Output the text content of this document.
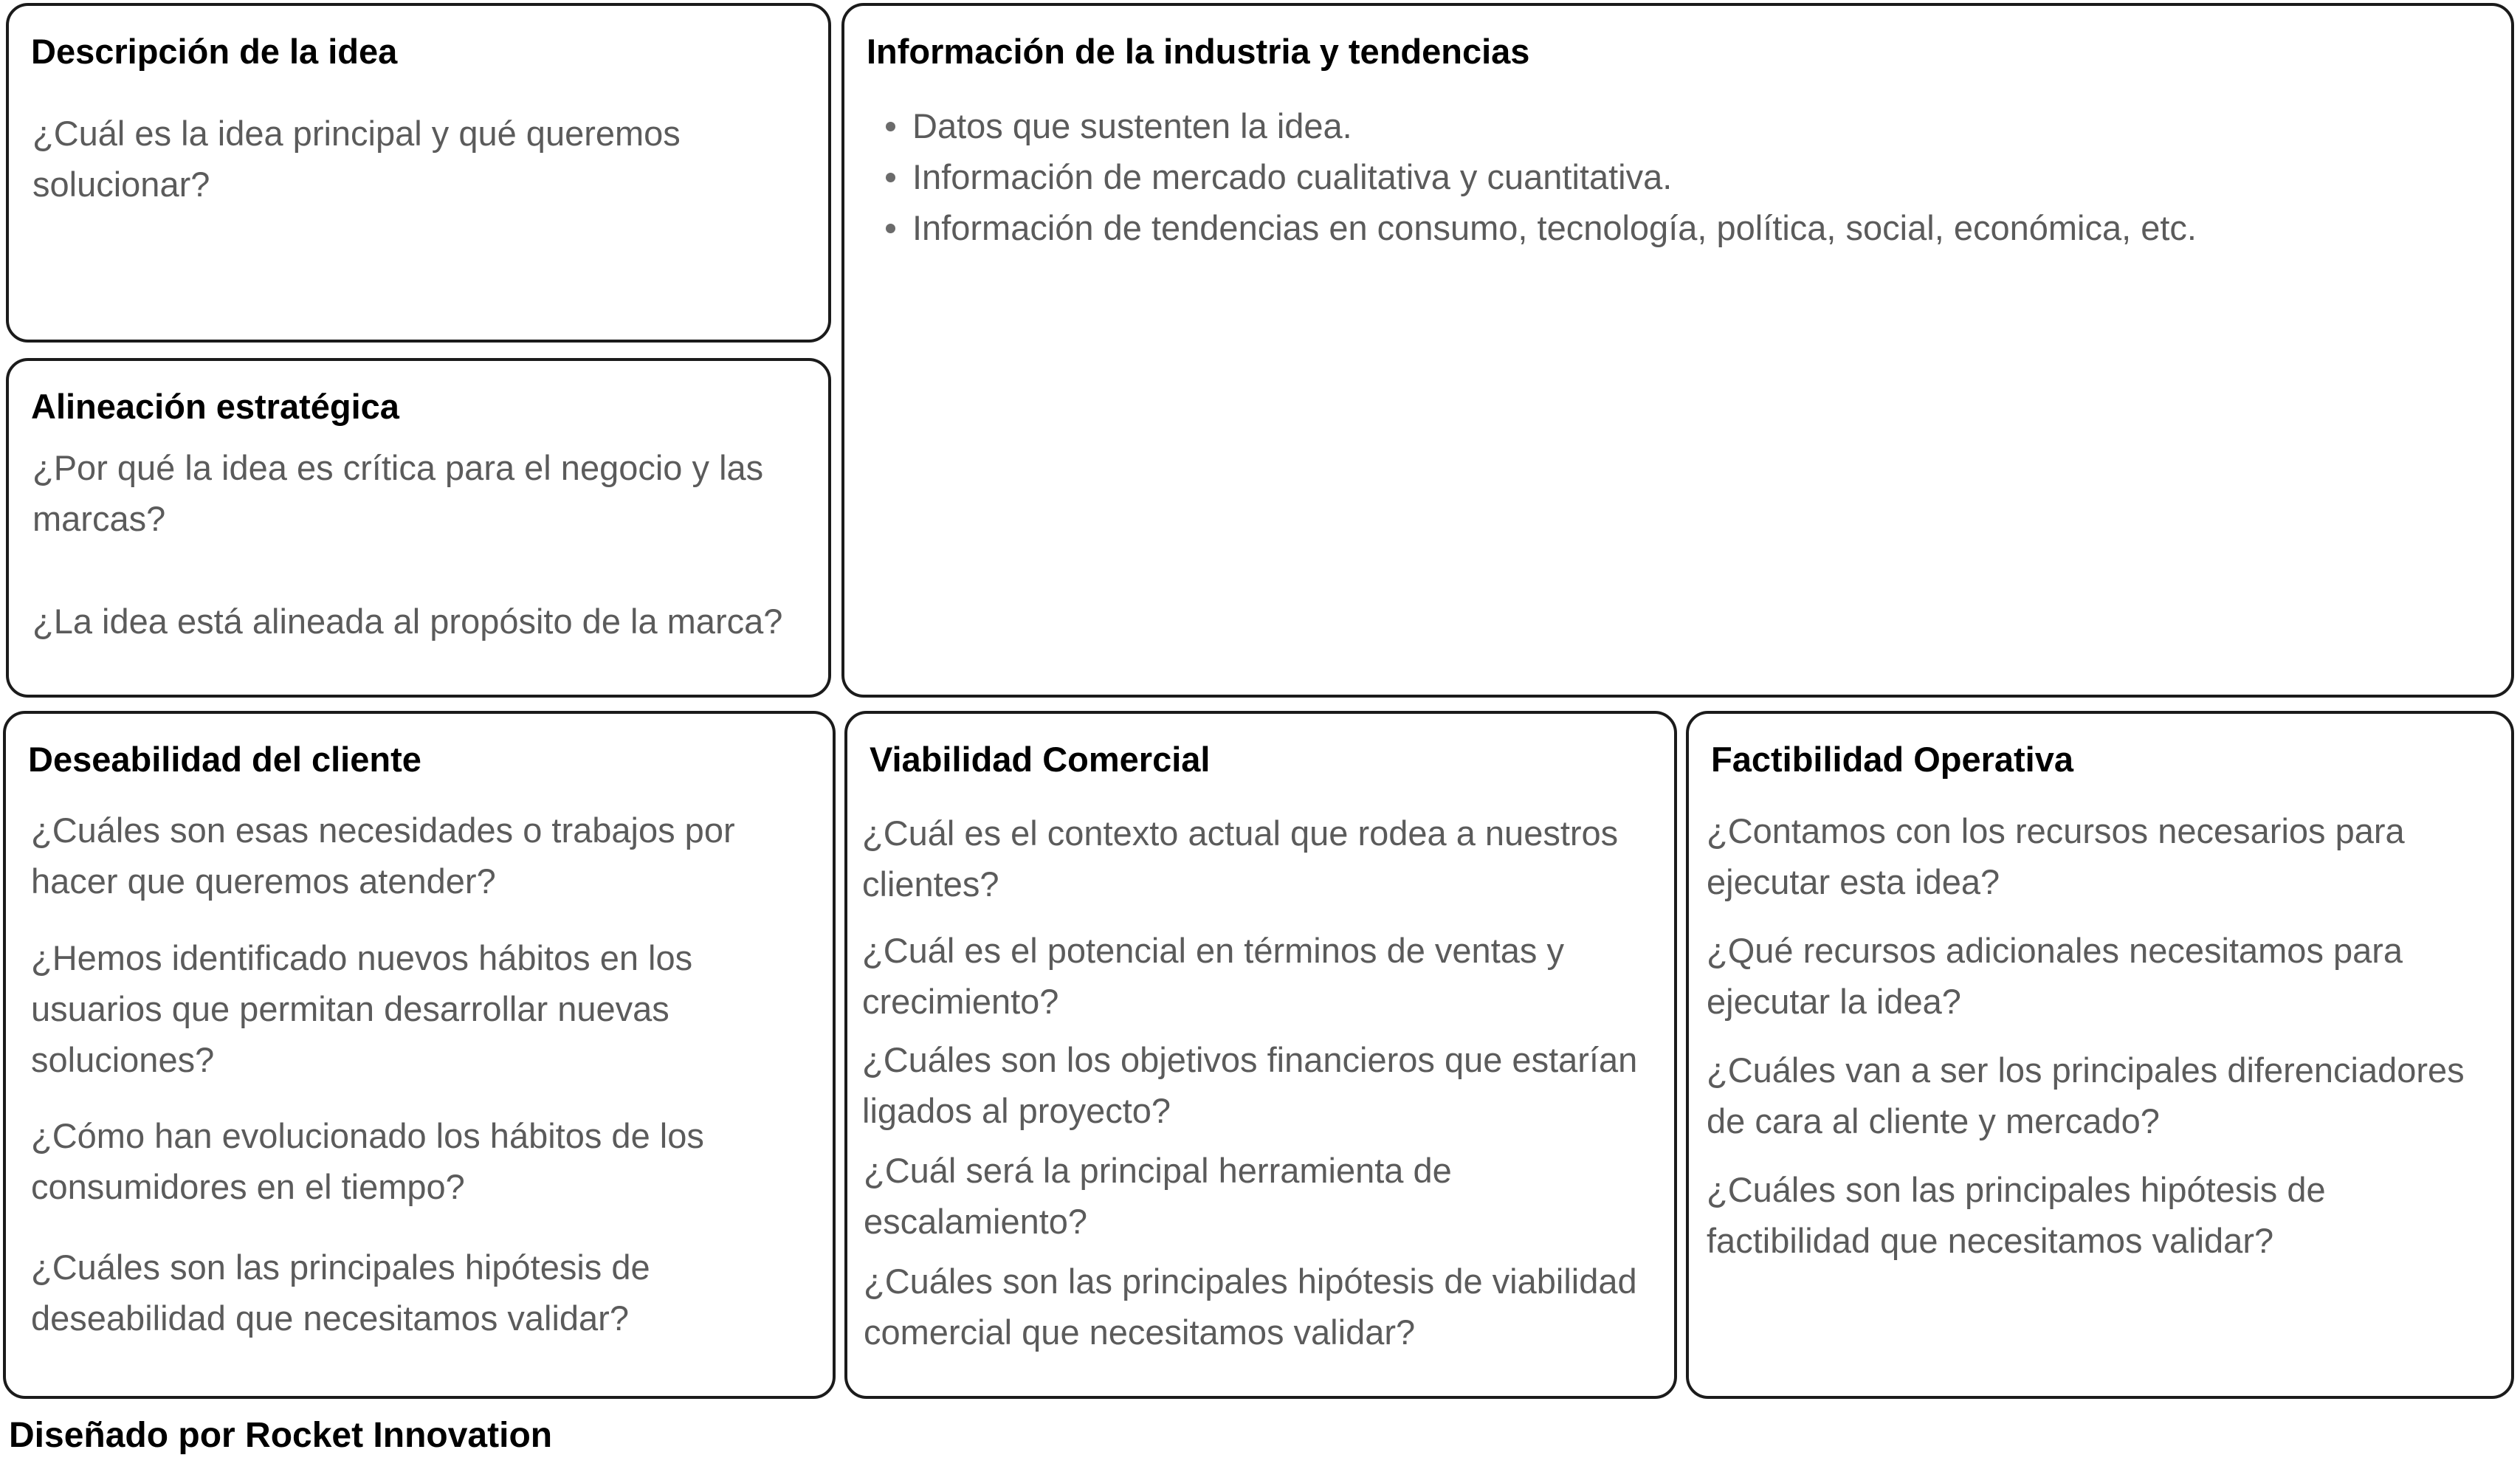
Descripción de la idea

¿Cuál es la idea principal y qué queremos solucionar?

Alineación estratégica

¿Por qué la idea es crítica para el negocio y las marcas?

¿La idea está alineada al propósito de la marca?

Información de la industria y tendencias
Datos que sustenten la idea.
Información de mercado cualitativa y cuantitativa.
Información de tendencias en consumo, tecnología, política, social, económica, etc.
Deseabilidad del cliente

¿Cuáles son esas necesidades o trabajos por hacer que queremos atender?

¿Hemos identificado nuevos hábitos en los usuarios que permitan desarrollar nuevas soluciones?

¿Cómo han evolucionado los hábitos de los consumidores en el tiempo?

¿Cuáles son las principales hipótesis de deseabilidad que necesitamos validar?

Viabilidad Comercial

¿Cuál es el contexto actual que rodea a nuestros clientes?

¿Cuál es el potencial en términos de ventas y crecimiento?

¿Cuáles son los objetivos financieros que estarían ligados al proyecto?

¿Cuál será la principal herramienta de escalamiento?

¿Cuáles son las principales hipótesis de viabilidad comercial que necesitamos validar?

Factibilidad Operativa

¿Contamos con los recursos necesarios para ejecutar esta idea?

¿Qué recursos adicionales necesitamos para ejecutar la idea?

¿Cuáles van a ser los principales diferenciadores de cara al cliente y mercado?

¿Cuáles son las principales hipótesis de factibilidad que necesitamos validar?

Diseñado por Rocket Innovation
